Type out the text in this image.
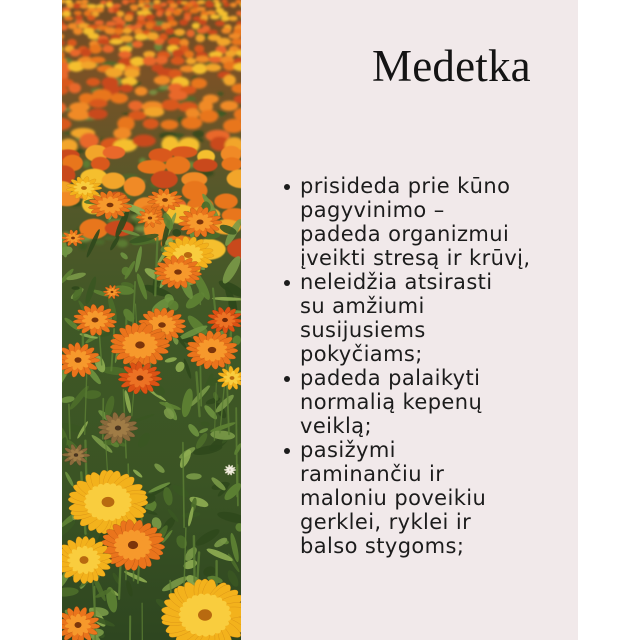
Medetka
prisideda prie kūno
pagyvinimo –
padeda organizmui
įveikti stresą ir krūvį,
neleidžia atsirasti
su amžiumi
susijusiems
pokyčiams;
padeda palaikyti
normalią kepenų
veiklą;
pasižymi
raminančiu ir
maloniu poveikiu
gerklei, ryklei ir
balso stygoms;
